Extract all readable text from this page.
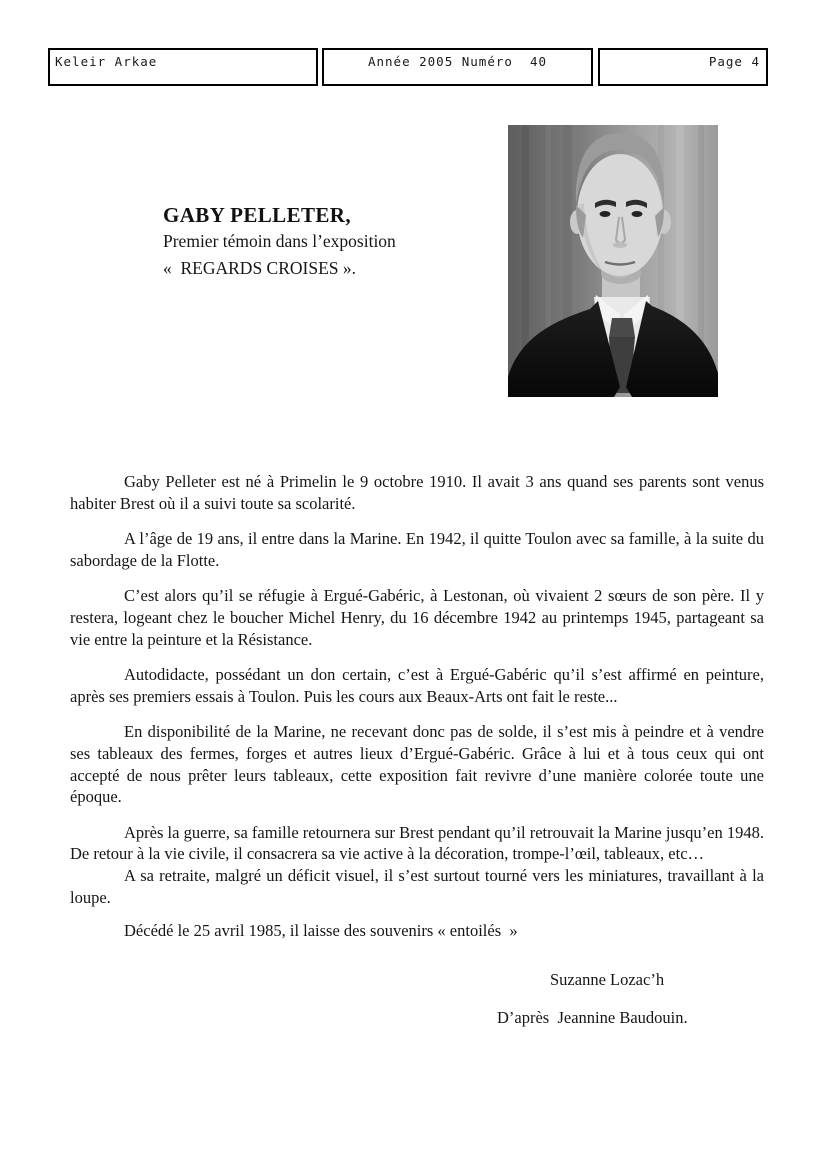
Keleir Arkae	Année 2005 Numéro  40	Page 4
GABY PELLETER,
Premier témoin dans l’exposition
«  REGARDS CROISES ».

Gaby Pelleter est né à Primelin le 9 octobre 1910. Il avait 3 ans quand ses parents sont venus habiter Brest où il a suivi toute sa scolarité.

A l’âge de 19 ans, il entre dans la Marine. En 1942, il quitte Toulon avec sa famille, à la suite du sabordage de la Flotte.

C’est alors qu’il se réfugie à Ergué-Gabéric, à Lestonan, où vivaient 2 sœurs de son père. Il y restera, logeant chez le boucher Michel Henry, du 16 décembre 1942 au printemps 1945, partageant sa vie entre la peinture et la Résistance.

Autodidacte, possédant un don certain, c’est à Ergué-Gabéric qu’il s’est affirmé en peinture, après ses premiers essais à Toulon. Puis les cours aux Beaux-Arts ont fait le reste...

En disponibilité de la Marine, ne recevant donc pas de solde, il s’est mis à peindre et à vendre ses tableaux des fermes, forges et autres lieux d’Ergué-Gabéric. Grâce à lui et à tous ceux qui ont accepté de nous prêter leurs tableaux, cette exposition fait revivre d’une manière colorée toute une époque.

Après la guerre, sa famille retournera sur Brest pendant qu’il retrouvait la Marine jusqu’en 1948. De retour à la vie civile, il consacrera sa vie active à la décoration, trompe-l’œil, tableaux, etc…

A sa retraite, malgré un déficit visuel, il s’est surtout tourné vers les miniatures, travaillant à la loupe.

Décédé le 25 avril 1985, il laisse des souvenirs « entoilés  »

Suzanne Lozac’h
D’après  Jeannine Baudouin.
